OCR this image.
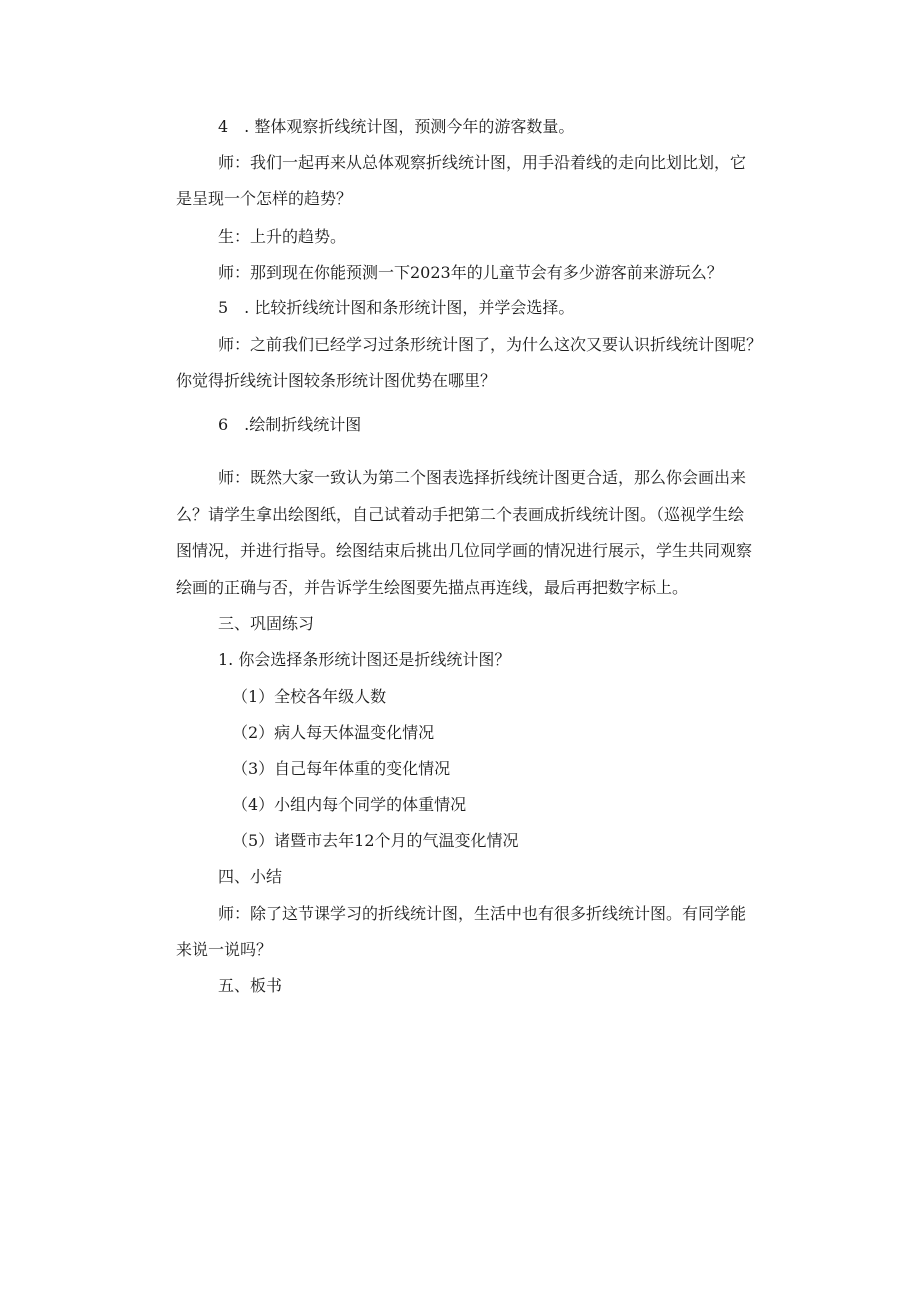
4　. 整体观察折线统计图，预测今年的游客数量。
师：我们一起再来从总体观察折线统计图，用手沿着线的走向比划比划，它
是呈现一个怎样的趋势？
生：上升的趋势。
师：那到现在你能预测一下2023年的儿童节会有多少游客前来游玩么？
5　. 比较折线统计图和条形统计图，并学会选择。
师：之前我们已经学习过条形统计图了，为什么这次又要认识折线统计图呢？
你觉得折线统计图较条形统计图优势在哪里？
6　.绘制折线统计图
师：既然大家一致认为第二个图表选择折线统计图更合适，那么你会画出来
么？请学生拿出绘图纸，自己试着动手把第二个表画成折线统计图。（巡视学生绘
图情况，并进行指导。绘图结束后挑出几位同学画的情况进行展示，学生共同观察
绘画的正确与否，并告诉学生绘图要先描点再连线，最后再把数字标上。
三、巩固练习
1. 你会选择条形统计图还是折线统计图？
（1）全校各年级人数
（2）病人每天体温变化情况
（3）自己每年体重的变化情况
（4）小组内每个同学的体重情况
（5）诸暨市去年12个月的气温变化情况
四、小结
师：除了这节课学习的折线统计图，生活中也有很多折线统计图。有同学能
来说一说吗？
五、板书
